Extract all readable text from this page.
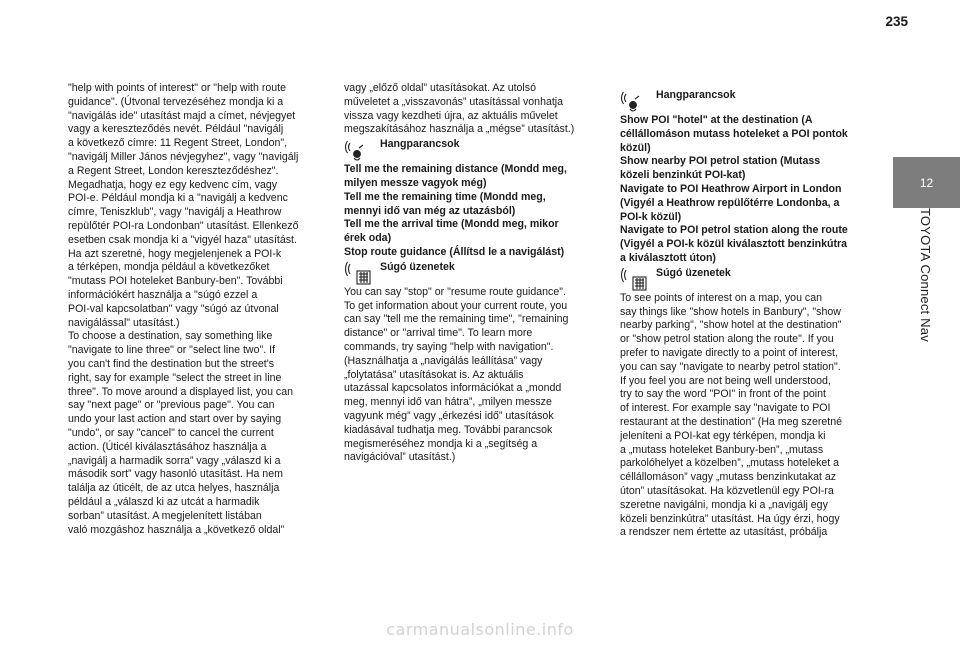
235
12
TOYOTA Connect Nav

"help with points of interest" or "help with route
guidance". (Útvonal tervezéséhez mondja ki a
"navigálás ide" utasítást majd a címet, névjegyet
vagy a kereszteződés nevét. Például "navigálj
a következő címre: 11 Regent Street, London",
"navigálj Miller János névjegyhez", vagy "navigálj
a Regent Street, London kereszteződéshez".
Megadhatja, hogy ez egy kedvenc cím, vagy
POI-e. Például mondja ki a "navigálj a kedvenc
címre, Teniszklub", vagy "navigálj a Heathrow
repülőtér POI-ra Londonban" utasítást. Ellenkező
esetben csak mondja ki a "vigyél haza" utasítást.
Ha azt szeretné, hogy megjelenjenek a POI-k
a térképen, mondja például a következőket
"mutass POI hoteleket Banbury-ben". További
információkért használja a "súgó ezzel a
POI-val kapcsolatban" vagy "súgó az útvonal
navigálással" utasítást.)
To choose a destination, say something like
"navigate to line three" or "select line two". If
you can't find the destination but the street's
right, say for example "select the street in line
three". To move around a displayed list, you can
say "next page" or "previous page". You can
undo your last action and start over by saying
"undo", or say "cancel" to cancel the current
action. (Úticél kiválasztásához használja a
„navigálj a harmadik sorra” vagy „válaszd ki a
második sort” vagy hasonló utasítást. Ha nem
találja az úticélt, de az utca helyes, használja
például a „válaszd ki az utcát a harmadik
sorban” utasítást. A megjelenített listában
való mozgáshoz használja a „következő oldal”

vagy „előző oldal” utasításokat. Az utolsó
műveletet a „visszavonás” utasítással vonhatja
vissza vagy kezdheti újra, az aktuális művelet
megszakításához használja a „mégse” utasítást.)

Hangparancsok

Tell me the remaining distance (Mondd meg,
milyen messze vagyok még)
Tell me the remaining time (Mondd meg,
mennyi idő van még az utazásból)
Tell me the arrival time (Mondd meg, mikor
érek oda)
Stop route guidance (Állítsd le a navigálást)

Súgó üzenetek

You can say "stop" or "resume route guidance".
To get information about your current route, you
can say "tell me the remaining time", "remaining
distance" or "arrival time". To learn more
commands, try saying "help with navigation".
(Használhatja a „navigálás leállítása” vagy
„folytatása” utasításokat is. Az aktuális
utazással kapcsolatos információkat a „mondd
meg, mennyi idő van hátra”, „milyen messze
vagyunk még” vagy „érkezési idő” utasítások
kiadásával tudhatja meg. További parancsok
megismeréséhez mondja ki a „segítség a
navigációval” utasítást.)

Hangparancsok

Show POI "hotel" at the destination (A
céllállomáson mutass hoteleket a POI pontok
közül)
Show nearby POI petrol station (Mutass
közeli benzinkút POI-kat)
Navigate to POI Heathrow Airport in London
(Vigyél a Heathrow repülőtérre Londonba, a
POI-k közül)
Navigate to POI petrol station along the route
(Vigyél a POI-k közül kiválasztott benzinkútra
a kiválasztott úton)

Súgó üzenetek

To see points of interest on a map, you can
say things like "show hotels in Banbury", "show
nearby parking", "show hotel at the destination"
or "show petrol station along the route". If you
prefer to navigate directly to a point of interest,
you can say "navigate to nearby petrol station".
If you feel you are not being well understood,
try to say the word "POI" in front of the point
of interest. For example say "navigate to POI
restaurant at the destination” (Ha meg szeretné
jeleníteni a POI-kat egy térképen, mondja ki
a „mutass hoteleket Banbury-ben”, „mutass
parkolóhelyet a közelben”, „mutass hoteleket a
céllállomáson” vagy „mutass benzinkutakat az
úton” utasításokat. Ha közvetlenül egy POI-ra
szeretne navigálni, mondja ki a „navigálj egy
közeli benzinkútra” utasítást. Ha úgy érzi, hogy
a rendszer nem értette az utasítást, próbálja

carmanualsonline.info
